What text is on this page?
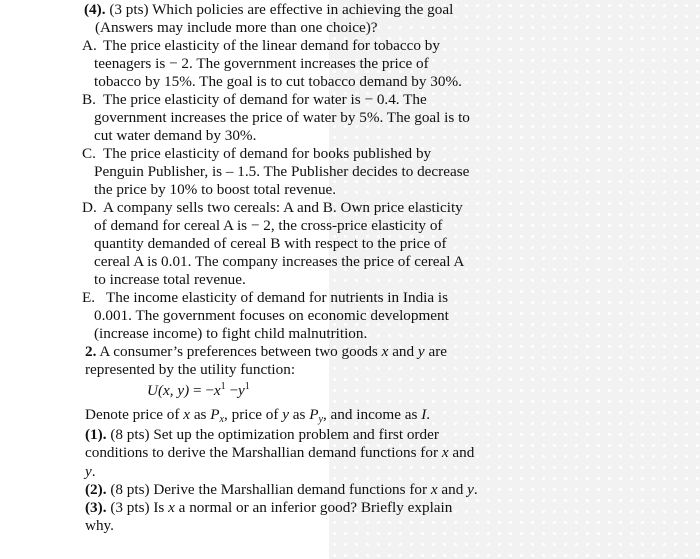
(4). (3 pts) Which policies are effective in achieving the goal
(Answers may include more than one choice)?
A. The price elasticity of the linear demand for tobacco by
teenagers is − 2. The government increases the price of
tobacco by 15%. The goal is to cut tobacco demand by 30%.
B. The price elasticity of demand for water is − 0.4. The
government increases the price of water by 5%. The goal is to
cut water demand by 30%.
C. The price elasticity of demand for books published by
Penguin Publisher, is – 1.5. The Publisher decides to decrease
the price by 10% to boost total revenue.
D. A company sells two cereals: A and B. Own price elasticity
of demand for cereal A is − 2, the cross-price elasticity of
quantity demanded of cereal B with respect to the price of
cereal A is 0.01. The company increases the price of cereal A
to increase total revenue.
E. The income elasticity of demand for nutrients in India is
0.001. The government focuses on economic development
(increase income) to fight child malnutrition.
2. A consumer’s preferences between two goods x and y are
represented by the utility function:
U(x, $y) = -x^1 -y^1$
Denote price of x as $P_x$, price of y as $P_y$, and income as I.
(1). (8 pts) Set up the optimization problem and first order
conditions to derive the Marshallian demand functions for x and
y.
(2). (8 pts) Derive the Marshallian demand functions for x and y.
(3). (3 pts) Is x a normal or an inferior good? Briefly explain
why.
